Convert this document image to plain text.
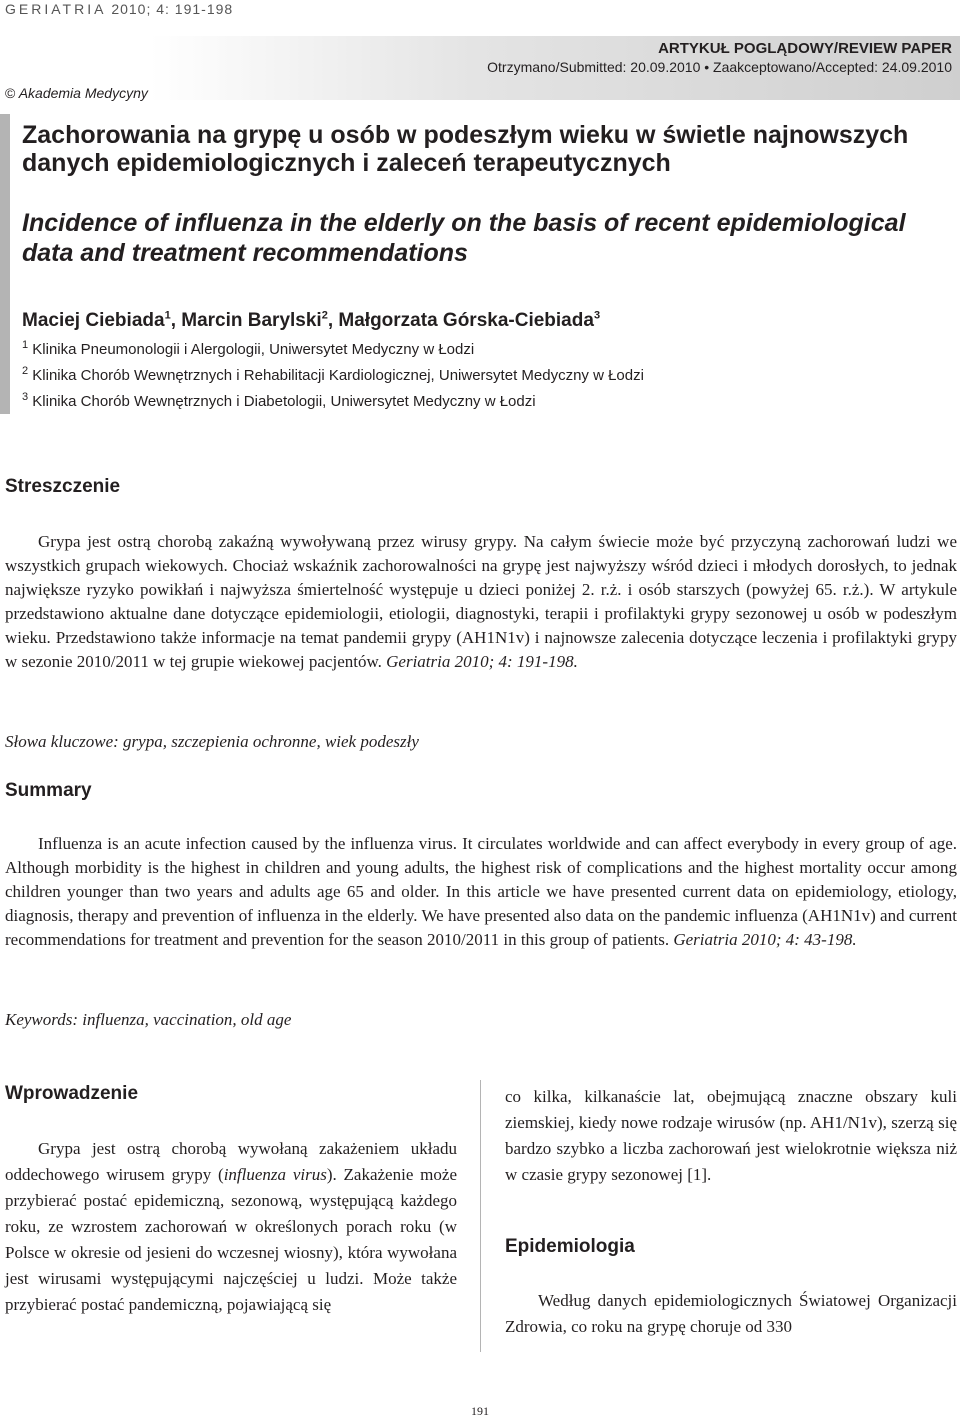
GERIATRIA 2010; 4: 191-198
ARTYKUŁ POGLĄDOWY/REVIEW PAPER
Otrzymano/Submitted: 20.09.2010 • Zaakceptowano/Accepted: 24.09.2010
© Akademia Medycyny
Zachorowania na grypę u osób w podeszłym wieku w świetle najnowszych danych epidemiologicznych i zaleceń terapeutycznych
Incidence of influenza in the elderly on the basis of recent epidemiological data and treatment recommendations
Maciej Ciebiada$^1$, Marcin Barylski$^2$, Małgorzata Górska-Ciebiada$^3$
$^1$ Klinika Pneumonologii i Alergologii, Uniwersytet Medyczny w Łodzi
$^2$ Klinika Chorób Wewnętrznych i Rehabilitacji Kardiologicznej, Uniwersytet Medyczny w Łodzi
$^3$ Klinika Chorób Wewnętrznych i Diabetologii, Uniwersytet Medyczny w Łodzi
Streszczenie
Grypa jest ostrą chorobą zakaźną wywoływaną przez wirusy grypy. Na całym świecie może być przyczyną zachorowań ludzi we wszystkich grupach wiekowych. Chociaż wskaźnik zachorowalności na grypę jest najwyższy wśród dzieci i młodych dorosłych, to jednak największe ryzyko powikłań i najwyższa śmiertelność występuje u dzieci poniżej 2. r.ż. i osób starszych (powyżej 65. r.ż.). W artykule przedstawiono aktualne dane dotyczące epidemiologii, etiologii, diagnostyki, terapii i profilaktyki grypy sezonowej u osób w podeszłym wieku. Przedstawiono także informacje na temat pandemii grypy (AH1N1v) i najnowsze zalecenia dotyczące leczenia i profilaktyki grypy w sezonie 2010/2011 w tej grupie wiekowej pacjentów. Geriatria 2010; 4: 191-198.
Słowa kluczowe: grypa, szczepienia ochronne, wiek podeszły
Summary
Influenza is an acute infection caused by the influenza virus. It circulates worldwide and can affect everybody in every group of age. Although morbidity is the highest in children and young adults, the highest risk of complications and the highest mortality occur among children younger than two years and adults age 65 and older. In this article we have presented current data on epidemiology, etiology, diagnosis, therapy and prevention of influenza in the elderly. We have presented also data on the pandemic influenza (AH1N1v) and current recommendations for treatment and prevention for the season 2010/2011 in this group of patients. Geriatria 2010; 4: 43-198.
Keywords: influenza, vaccination, old age
Wprowadzenie
Grypa jest ostrą chorobą wywołaną zakażeniem układu oddechowego wirusem grypy (influenza virus). Zakażenie może przybierać postać epidemiczną, sezonową, występującą każdego roku, ze wzrostem zachorowań w określonych porach roku (w Polsce w okresie od jesieni do wczesnej wiosny), która wywołana jest wirusami występującymi najczęściej u ludzi. Może także przybierać postać pandemiczną, pojawiającą się
co kilka, kilkanaście lat, obejmującą znaczne obszary kuli ziemskiej, kiedy nowe rodzaje wirusów (np. AH1/N1v), szerzą się bardzo szybko a liczba zachorowań jest wielokrotnie większa niż w czasie grypy sezonowej [1].
Epidemiologia
Według danych epidemiologicznych Światowej Organizacji Zdrowia, co roku na grypę choruje od 330
191
